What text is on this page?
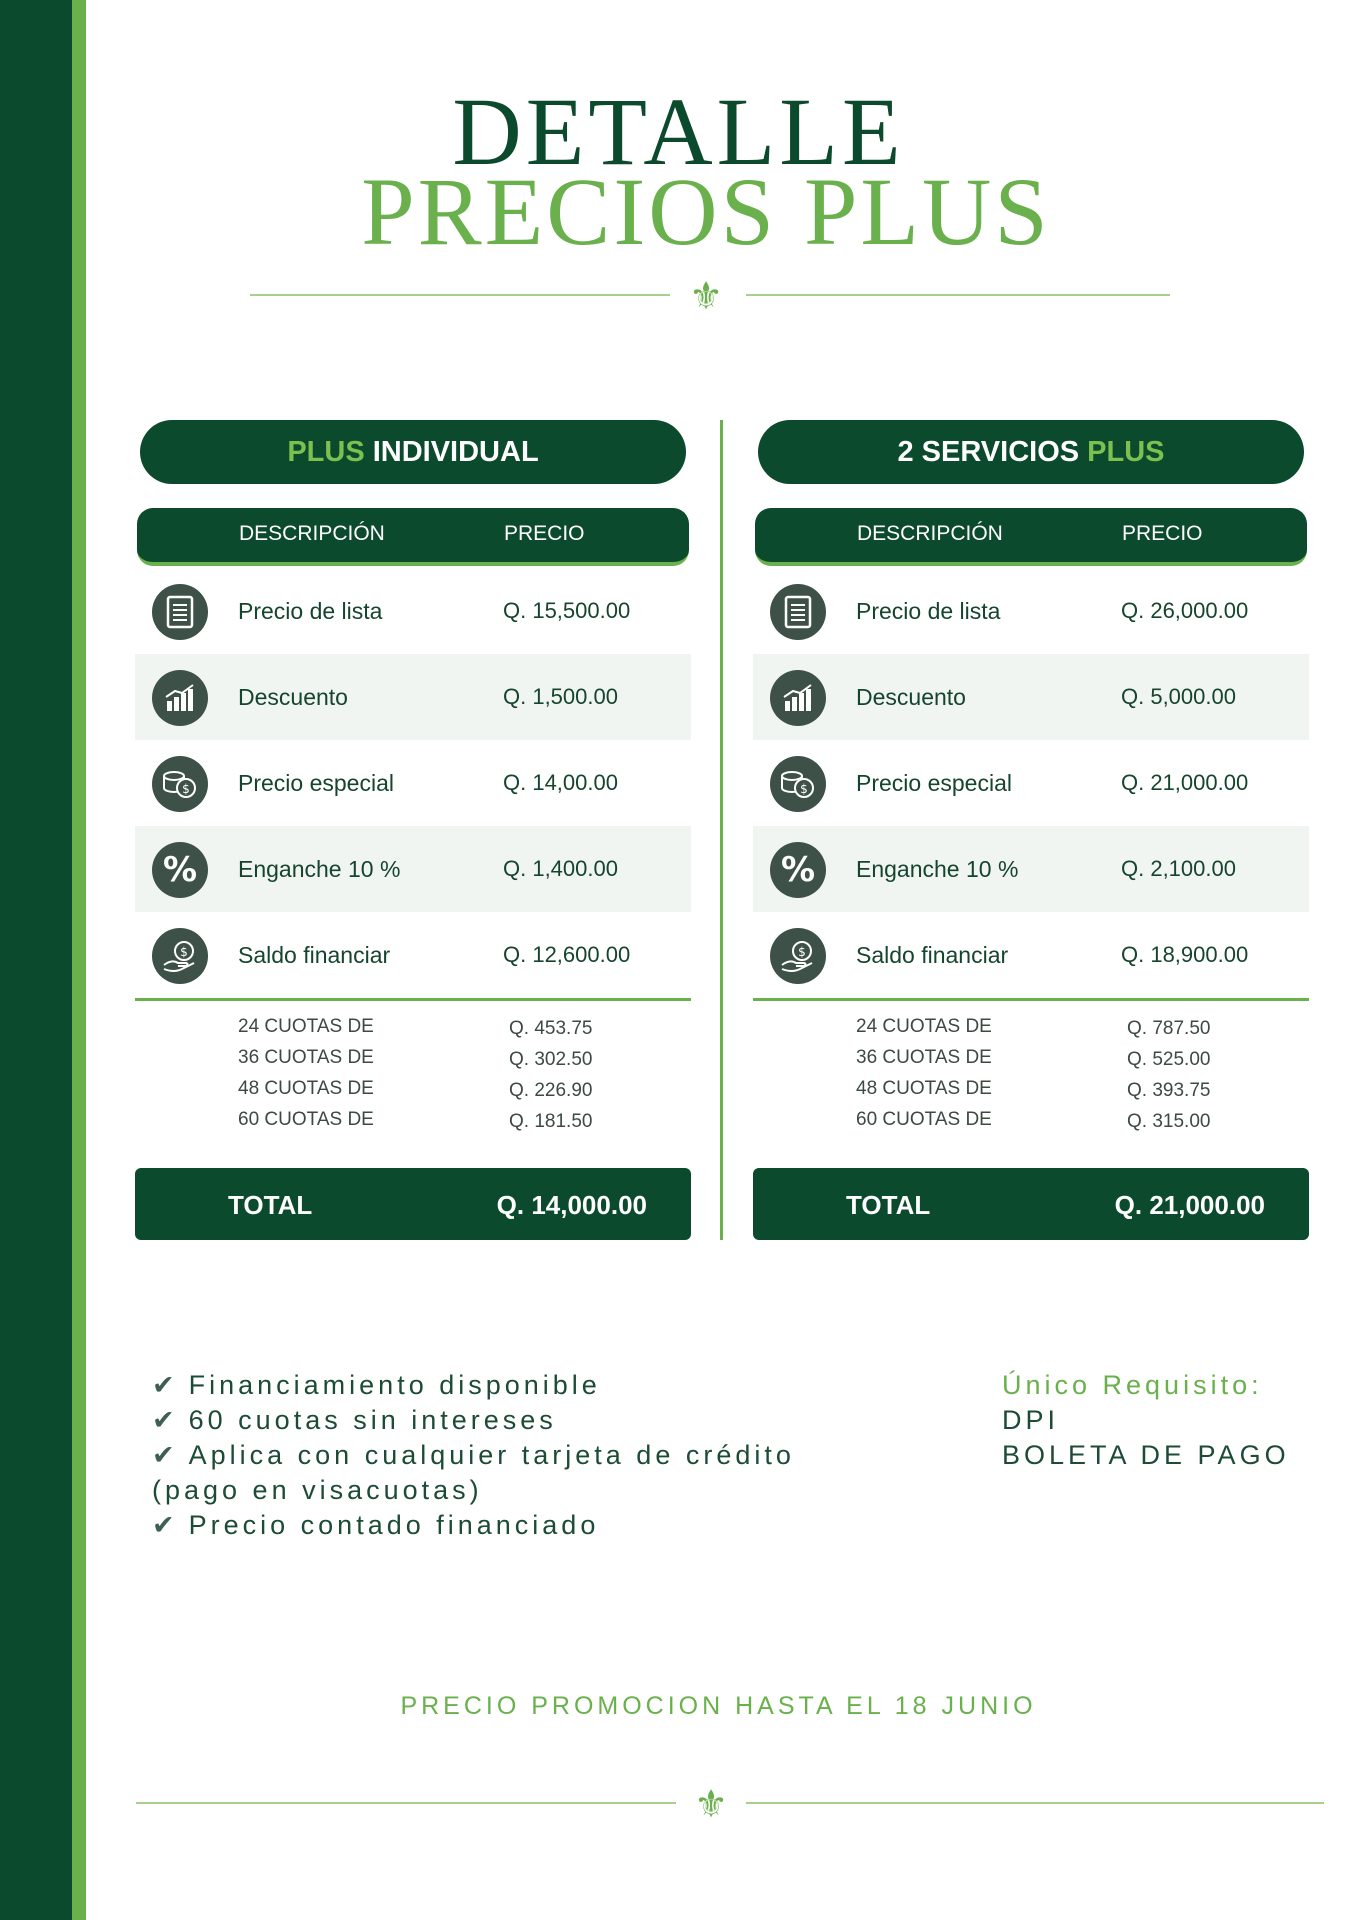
DETALLE
PRECIOS PLUS
⚜
PLUS INDIVIDUAL
DESCRIPCIÓN	PRECIO
Precio de lista	Q. 15,500.00
Descuento	Q. 1,500.00
$ Precio especial	Q. 14,00.00
% Enganche 10 %	Q. 1,400.00
$ Saldo financiar	Q. 12,600.00
24 CUOTAS DE	Q. 453.75
36 CUOTAS DE	Q. 302.50
48 CUOTAS DE	Q. 226.90
60 CUOTAS DE	Q. 181.50
TOTAL	Q. 14,000.00
2 SERVICIOS PLUS
DESCRIPCIÓN	PRECIO
Precio de lista	Q. 26,000.00
Descuento	Q. 5,000.00
$ Precio especial	Q. 21,000.00
% Enganche 10 %	Q. 2,100.00
$ Saldo financiar	Q. 18,900.00
24 CUOTAS DE	Q. 787.50
36 CUOTAS DE	Q. 525.00
48 CUOTAS DE	Q. 393.75
60 CUOTAS DE	Q. 315.00
TOTAL	Q. 21,000.00
✔ Financiamiento disponible
✔ 60 cuotas sin intereses
✔ Aplica con cualquier tarjeta de crédito
(pago en visacuotas)
✔ Precio contado financiado
Único Requisito:
DPI
BOLETA DE PAGO
PRECIO PROMOCION HASTA EL 18 JUNIO
⚜
